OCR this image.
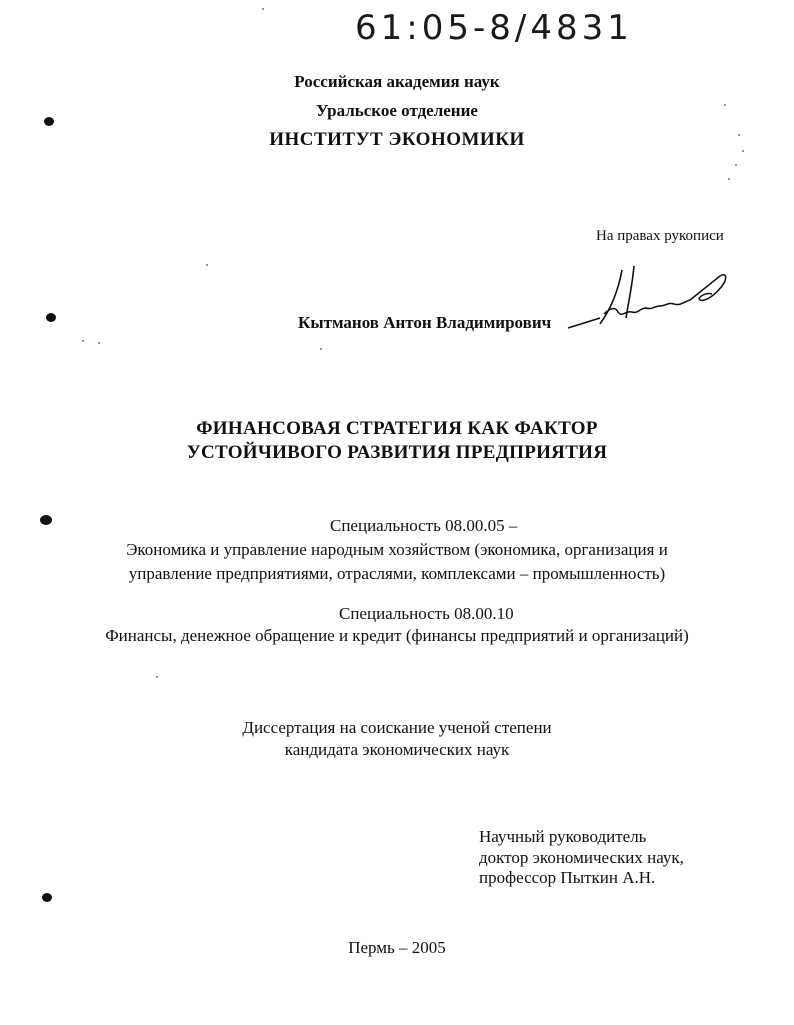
61:05-8/4831
Российская академия наук
Уральское отделение
ИНСТИТУТ ЭКОНОМИКИ
На правах рукописи
Кытманов Антон Владимирович
ФИНАНСОВАЯ СТРАТЕГИЯ КАК ФАКТОР
УСТОЙЧИВОГО РАЗВИТИЯ ПРЕДПРИЯТИЯ
Специальность 08.00.05 –
Экономика и управление народным хозяйством (экономика, организация и
управление предприятиями, отраслями, комплексами – промышленность)
Специальность 08.00.10
Финансы, денежное обращение и кредит (финансы предприятий и организаций)
Диссертация на соискание ученой степени
кандидата экономических наук
Научный руководитель
доктор экономических наук,
профессор Пыткин А.Н.
Пермь – 2005
